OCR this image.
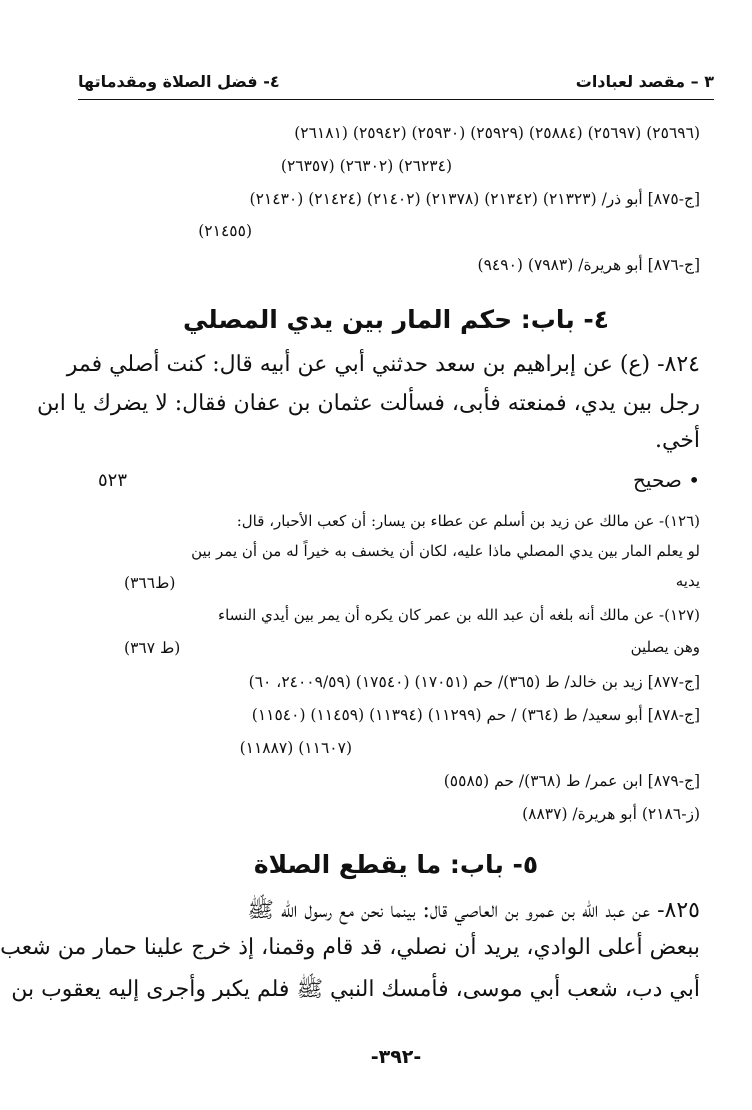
٣ – مقصد لعبادات
٤- فضل الصلاة ومقدماتها
(٢٥٦٩٦) (٢٥٦٩٧) (٢٥٨٨٤) (٢٥٩٢٩) (٢٥٩٣٠) (٢٥٩٤٢) (٢٦١٨١)
(٢٦٢٣٤) (٢٦٣٠٢) (٢٦٣٥٧)
[ج-٨٧٥] أبو ذر/ (٢١٣٢٣) (٢١٣٤٢) (٢١٣٧٨) (٢١٤٠٢) (٢١٤٢٤) (٢١٤٣٠)
(٢١٤٥٥)
[ج-٨٧٦] أبو هريرة/ (٧٩٨٣) (٩٤٩٠)
٤- باب: حكم المار بين يدي المصلي
٨٢٤- (ع) عن إبراهيم بن سعد حدثني أبي عن أبيه قال: كنت أصلي فمر
رجل بين يدي، فمنعته فأبى، فسألت عثمان بن عفان فقال: لا يضرك يا ابن
أخي.
• صحيح
٥٢٣
(١٢٦)- عن مالك عن زيد بن أسلم عن عطاء بن يسار: أن كعب الأحبار، قال:
لو يعلم المار بين يدي المصلي ماذا عليه، لكان أن يخسف به خيراً له من أن يمر بين
يديه
(ط٣٦٦)
(١٢٧)- عن مالك أنه بلغه أن عبد الله بن عمر كان يكره أن يمر بين أيدي النساء
وهن يصلين
(ط ٣٦٧)
[ج-٨٧٧] زيد بن خالد/ ط (٣٦٥)/ حم (١٧٠٥١) (١٧٥٤٠) (٢٤٠٠٩/٥٩، ٦٠)
[ج-٨٧٨] أبو سعيد/ ط (٣٦٤) / حم (١١٢٩٩) (١١٣٩٤) (١١٤٥٩) (١١٥٤٠)
(١١٦٠٧) (١١٨٨٧)
[ج-٨٧٩] ابن عمر/ ط (٣٦٨)/ حم (٥٥٨٥)
(ز-٢١٨٦) أبو هريرة/ (٨٨٣٧)
٥- باب: ما يقطع الصلاة
٨٢٥- عن عبد الله بن عمرو بن العاصي قال: بينما نحن مع رسول الله ﷺ
ببعض أعلى الوادي، يريد أن نصلي، قد قام وقمنا، إذ خرج علينا حمار من شعب
أبي دب، شعب أبي موسى، فأمسك النبي ﷺ فلم يكبر وأجرى إليه يعقوب بن
-٣٩٢-
